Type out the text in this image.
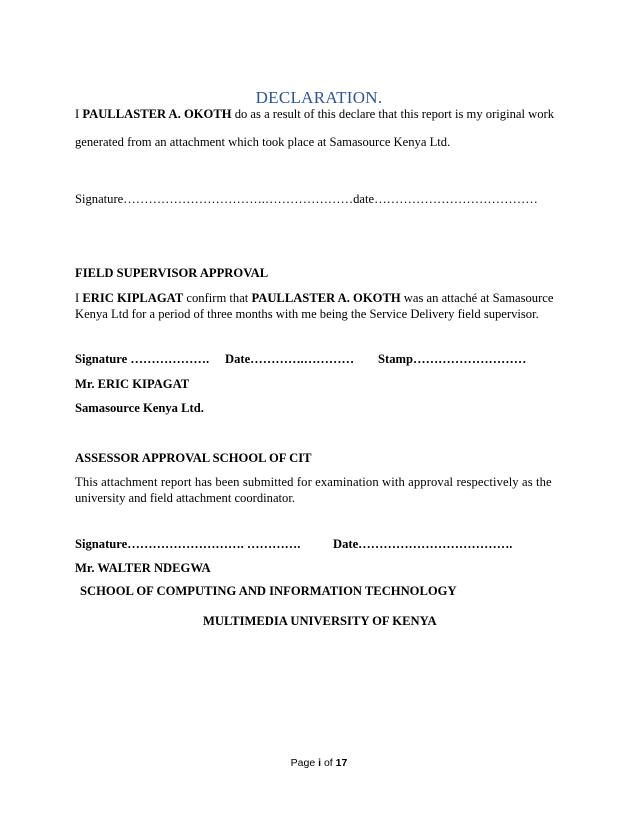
DECLARATION.
I PAULLASTER A. OKOTH do as a result of this declare that this report is my original work
generated from an attachment which took place at Samasource Kenya Ltd.
Signature…………………………….…………………date…………………………………
FIELD SUPERVISOR APPROVAL
I ERIC KIPLAGAT confirm that PAULLASTER A. OKOTH was an attaché at Samasource
Kenya Ltd for a period of three months with me being the Service Delivery field supervisor.
Signature ………………. Date………….………… Stamp………………………
Mr. ERIC KIPAGAT
Samasource Kenya Ltd.
ASSESSOR APPROVAL SCHOOL OF CIT
This attachment report has been submitted for examination with approval respectively as the
university and field attachment coordinator.
Signature………………………. ………….	Date……………………………….
Mr. WALTER NDEGWA
SCHOOL OF COMPUTING AND INFORMATION TECHNOLOGY
MULTIMEDIA UNIVERSITY OF KENYA
Page i of 17
